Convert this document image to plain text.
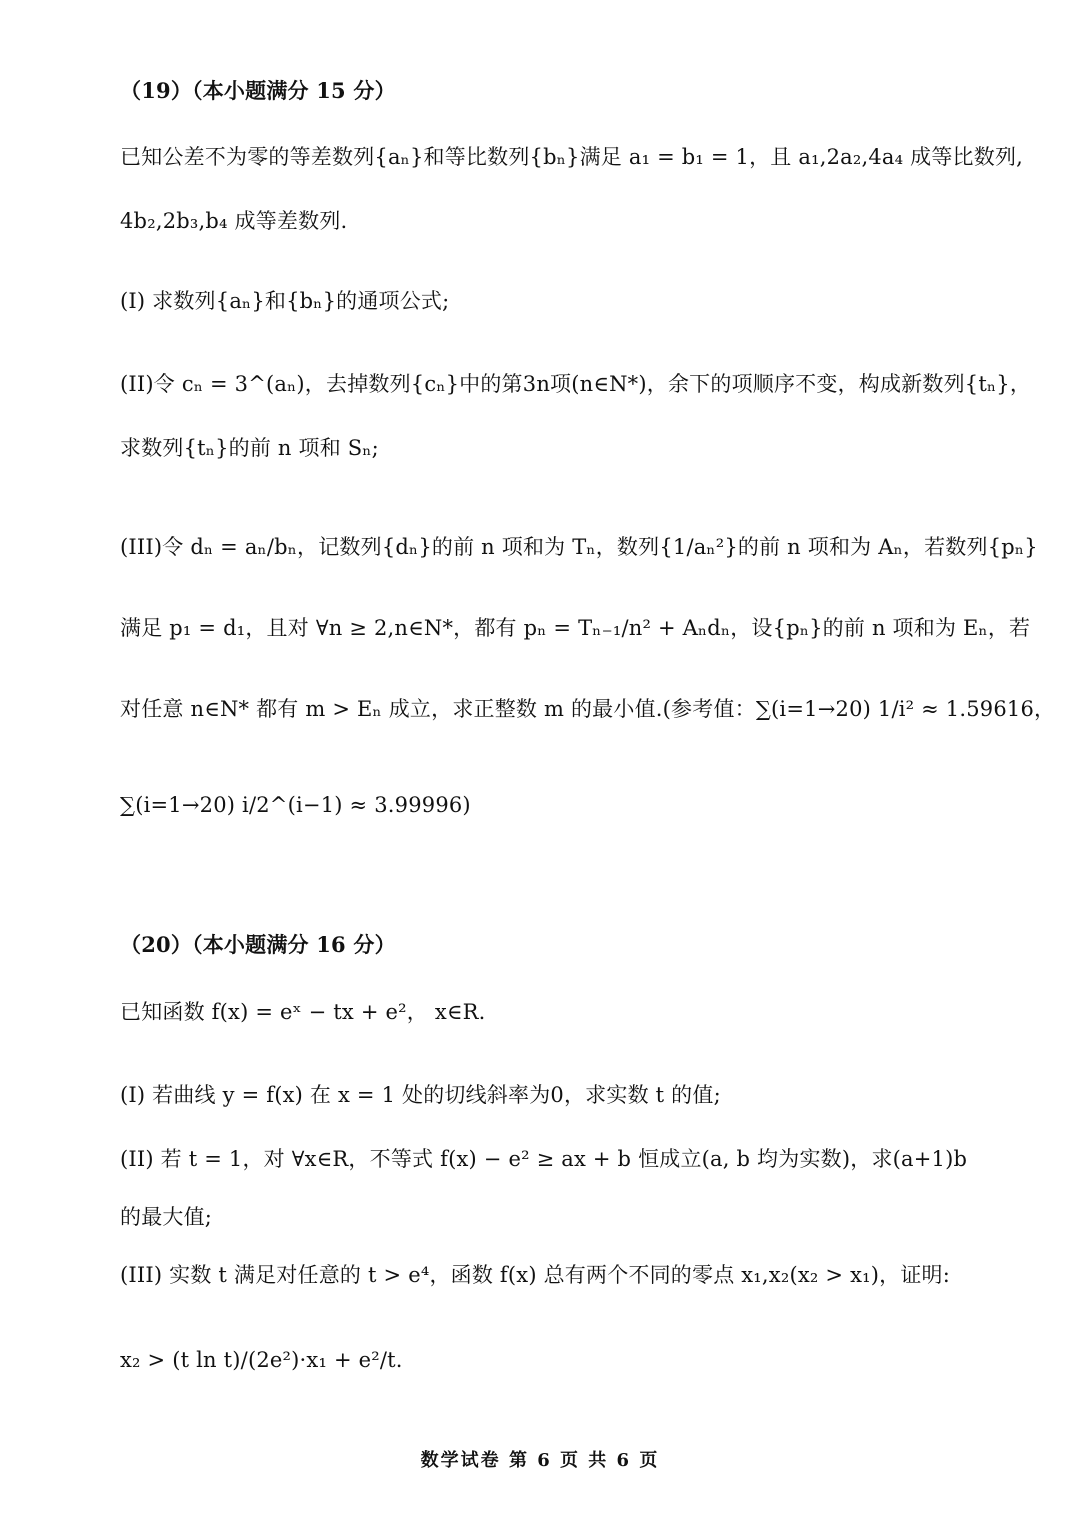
（19）（本小题满分 15 分）
已知公差不为零的等差数列{aₙ}和等比数列{bₙ}满足 a₁ = b₁ = 1，且 a₁,2a₂,4a₄ 成等比数列,
4b₂,2b₃,b₄ 成等差数列.
(I) 求数列{aₙ}和{bₙ}的通项公式;
(II)令 cₙ = 3^(aₙ)，去掉数列{cₙ}中的第3n项(n∈N*)，余下的项顺序不变，构成新数列{tₙ}，
求数列{tₙ}的前 n 项和 Sₙ;
(III)令 dₙ = aₙ/bₙ，记数列{dₙ}的前 n 项和为 Tₙ，数列{1/aₙ²}的前 n 项和为 Aₙ，若数列{pₙ}
满足 p₁ = d₁，且对 ∀n ≥ 2,n∈N*，都有 pₙ = Tₙ₋₁/n² + Aₙdₙ，设{pₙ}的前 n 项和为 Eₙ，若
对任意 n∈N* 都有 m > Eₙ 成立，求正整数 m 的最小值.(参考值：∑(i=1→20) 1/i² ≈ 1.59616，
∑(i=1→20) i/2^(i−1) ≈ 3.99996)
（20）（本小题满分 16 分）
已知函数 f(x) = eˣ − tx + e²， x∈R.
(I) 若曲线 y = f(x) 在 x = 1 处的切线斜率为0，求实数 t 的值;
(II) 若 t = 1，对 ∀x∈R，不等式 f(x) − e² ≥ ax + b 恒成立(a, b 均为实数)，求(a+1)b
的最大值;
(III) 实数 t 满足对任意的 t > e⁴，函数 f(x) 总有两个不同的零点 x₁,x₂(x₂ > x₁)，证明:
x₂ > (t ln t)/(2e²)·x₁ + e²/t.
数学试卷 第 6 页 共 6 页
